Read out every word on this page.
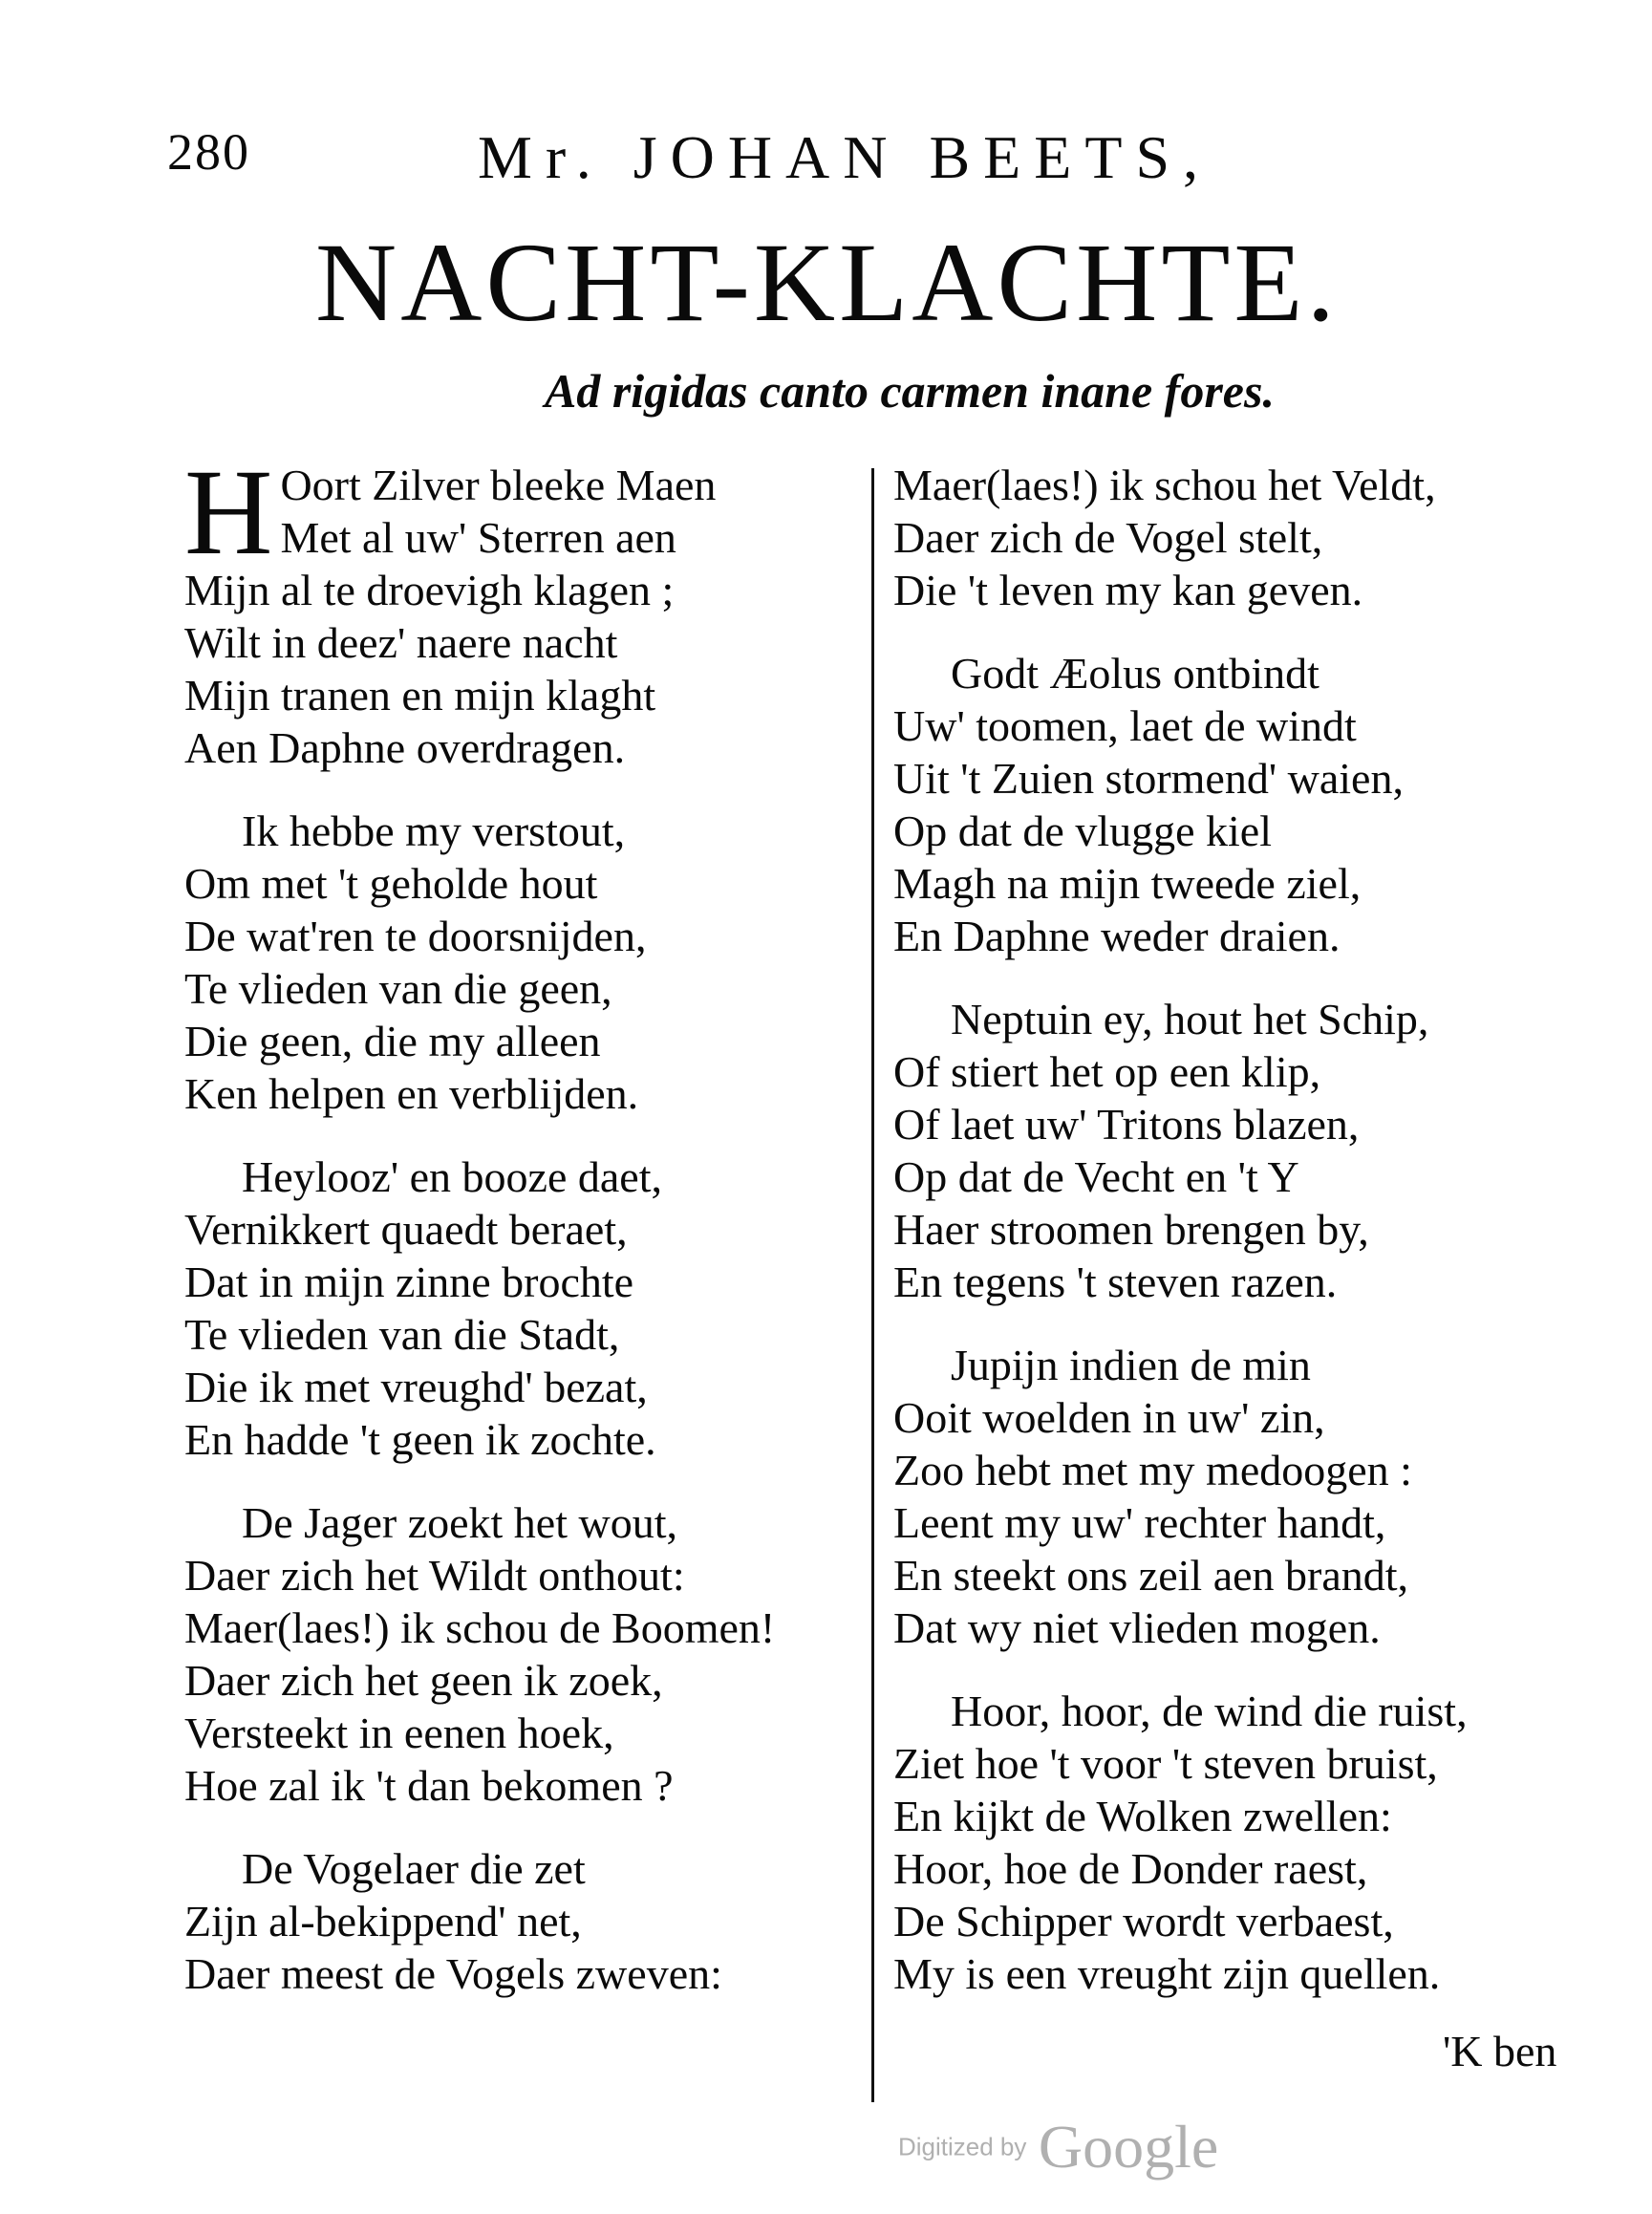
280	Mr. JOHAN BEETS,
NACHT-KLACHTE.
Ad rigidas canto carmen inane fores.
H Oort Zilver bleeke Maen
Met al uw' Sterren aen
Mijn al te droevigh klagen ;
Wilt in deez' naere nacht
Mijn tranen en mijn klaght
Aen Daphne overdragen.
Ik hebbe my verstout,
Om met 't geholde hout
De wat'ren te doorsnijden,
Te vlieden van die geen,
Die geen, die my alleen
Ken helpen en verblijden.
Heylooz' en booze daet,
Vernikkert quaedt beraet,
Dat in mijn zinne brochte
Te vlieden van die Stadt,
Die ik met vreughd' bezat,
En hadde 't geen ik zochte.
De Jager zoekt het wout,
Daer zich het Wildt onthout:
Maer(laes!) ik schou de Boomen!
Daer zich het geen ik zoek,
Versteekt in eenen hoek,
Hoe zal ik 't dan bekomen ?
De Vogelaer die zet
Zijn al-bekippend' net,
Daer meest de Vogels zweven:
Maer(laes!) ik schou het Veldt,
Daer zich de Vogel stelt,
Die 't leven my kan geven.
Godt Æolus ontbindt
Uw' toomen, laet de windt
Uit 't Zuien stormend' waien,
Op dat de vlugge kiel
Magh na mijn tweede ziel,
En Daphne weder draien.
Neptuin ey, hout het Schip,
Of stiert het op een klip,
Of laet uw' Tritons blazen,
Op dat de Vecht en 't Y
Haer stroomen brengen by,
En tegens 't steven razen.
Jupijn indien de min
Ooit woelden in uw' zin,
Zoo hebt met my medoogen :
Leent my uw' rechter handt,
En steekt ons zeil aen brandt,
Dat wy niet vlieden mogen.
Hoor, hoor, de wind die ruist,
Ziet hoe 't voor 't steven bruist,
En kijkt de Wolken zwellen:
Hoor, hoe de Donder raest,
De Schipper wordt verbaest,
My is een vreught zijn quellen.
'K ben
Digitized by Google
